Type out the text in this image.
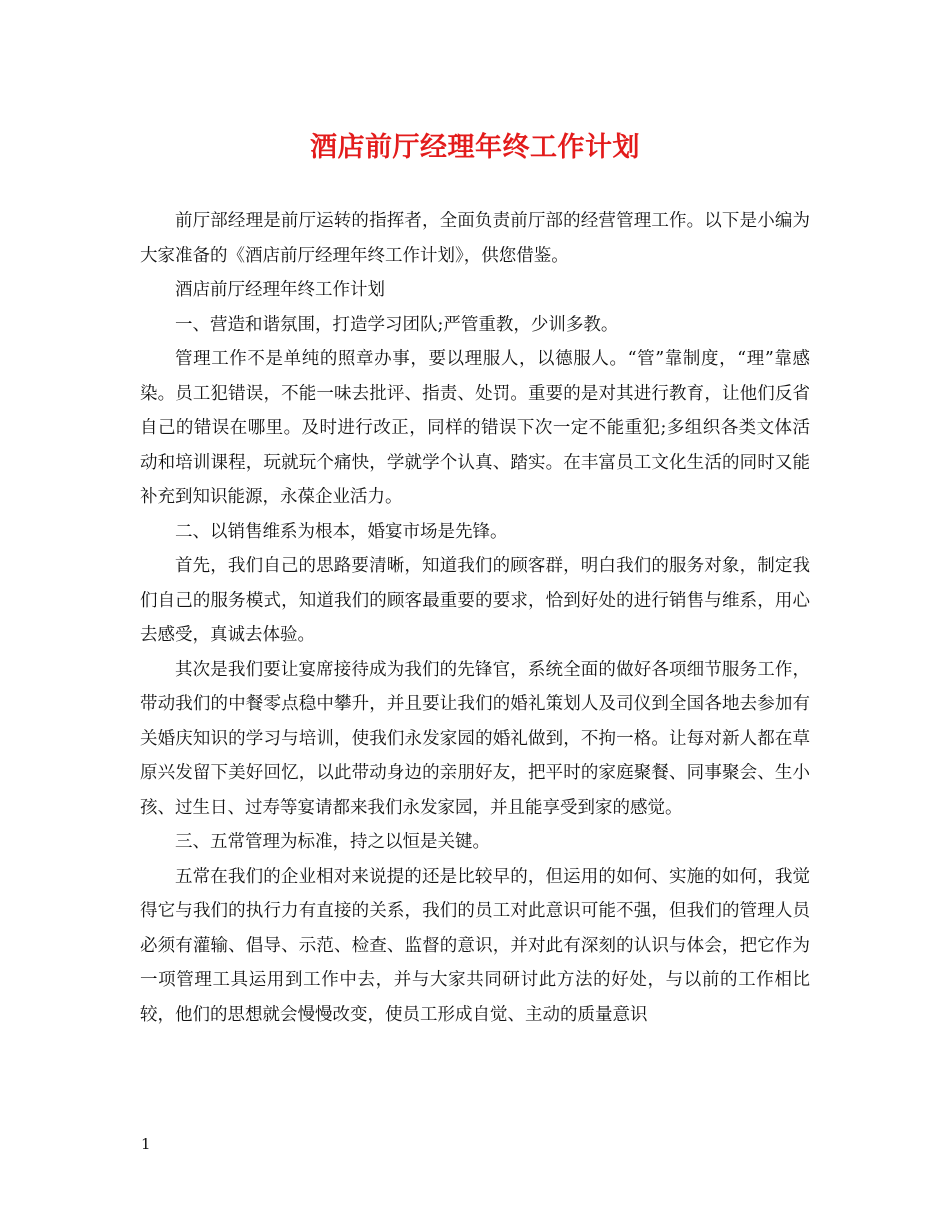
酒店前厅经理年终工作计划

前厅部经理是前厅运转的指挥者，全面负责前厅部的经营管理工作。以下是小编为大家准备的《酒店前厅经理年终工作计划》，供您借鉴。

酒店前厅经理年终工作计划

一、营造和谐氛围，打造学习团队;严管重教，少训多教。

管理工作不是单纯的照章办事，要以理服人，以德服人。“管”靠制度，“理”靠感染。员工犯错误，不能一味去批评、指责、处罚。重要的是对其进行教育，让他们反省自己的错误在哪里。及时进行改正，同样的错误下次一定不能重犯;多组织各类文体活动和培训课程，玩就玩个痛快，学就学个认真、踏实。在丰富员工文化生活的同时又能补充到知识能源，永葆企业活力。

二、以销售维系为根本，婚宴市场是先锋。

首先，我们自己的思路要清晰，知道我们的顾客群，明白我们的服务对象，制定我们自己的服务模式，知道我们的顾客最重要的要求，恰到好处的进行销售与维系，用心去感受，真诚去体验。

其次是我们要让宴席接待成为我们的先锋官，系统全面的做好各项细节服务工作，带动我们的中餐零点稳中攀升，并且要让我们的婚礼策划人及司仪到全国各地去参加有关婚庆知识的学习与培训，使我们永发家园的婚礼做到，不拘一格。让每对新人都在草原兴发留下美好回忆，以此带动身边的亲朋好友，把平时的家庭聚餐、同事聚会、生小孩、过生日、过寿等宴请都来我们永发家园，并且能享受到家的感觉。

三、五常管理为标准，持之以恒是关键。

五常在我们的企业相对来说提的还是比较早的，但运用的如何、实施的如何，我觉得它与我们的执行力有直接的关系，我们的员工对此意识可能不强，但我们的管理人员必须有灌输、倡导、示范、检查、监督的意识，并对此有深刻的认识与体会，把它作为一项管理工具运用到工作中去，并与大家共同研讨此方法的好处，与以前的工作相比较，他们的思想就会慢慢改变，使员工形成自觉、主动的质量意识

1
